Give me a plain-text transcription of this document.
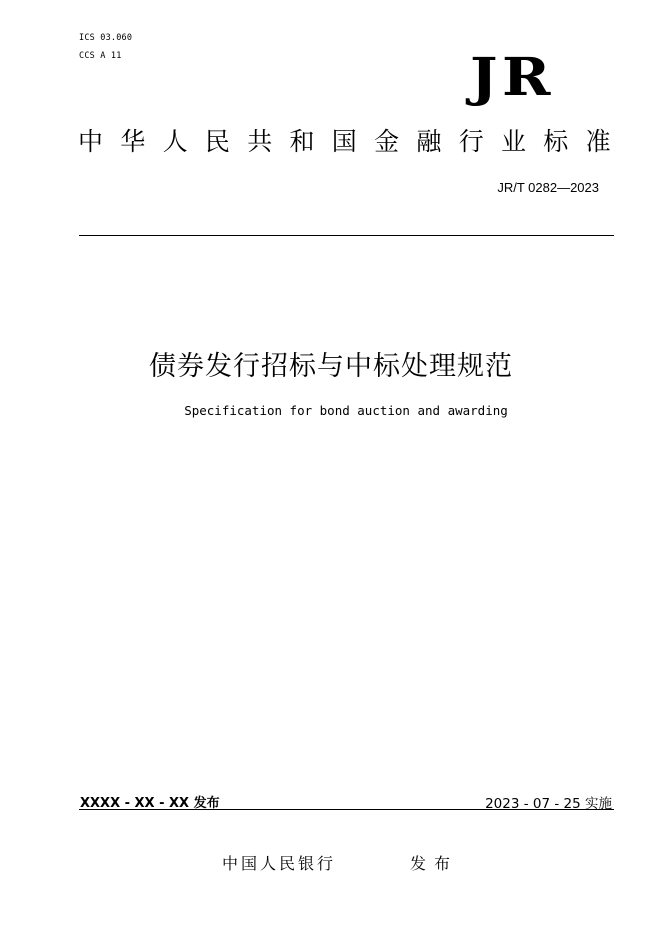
ICS 03.060
CCS A 11	JR
中华人民共和国金融行业标准
JR/T 0282—2023
债券发行招标与中标处理规范
Specification for bond auction and awarding
XXXX - XX - XX 发布	2023 - 07 - 25 实施
中国人民银行	发布
